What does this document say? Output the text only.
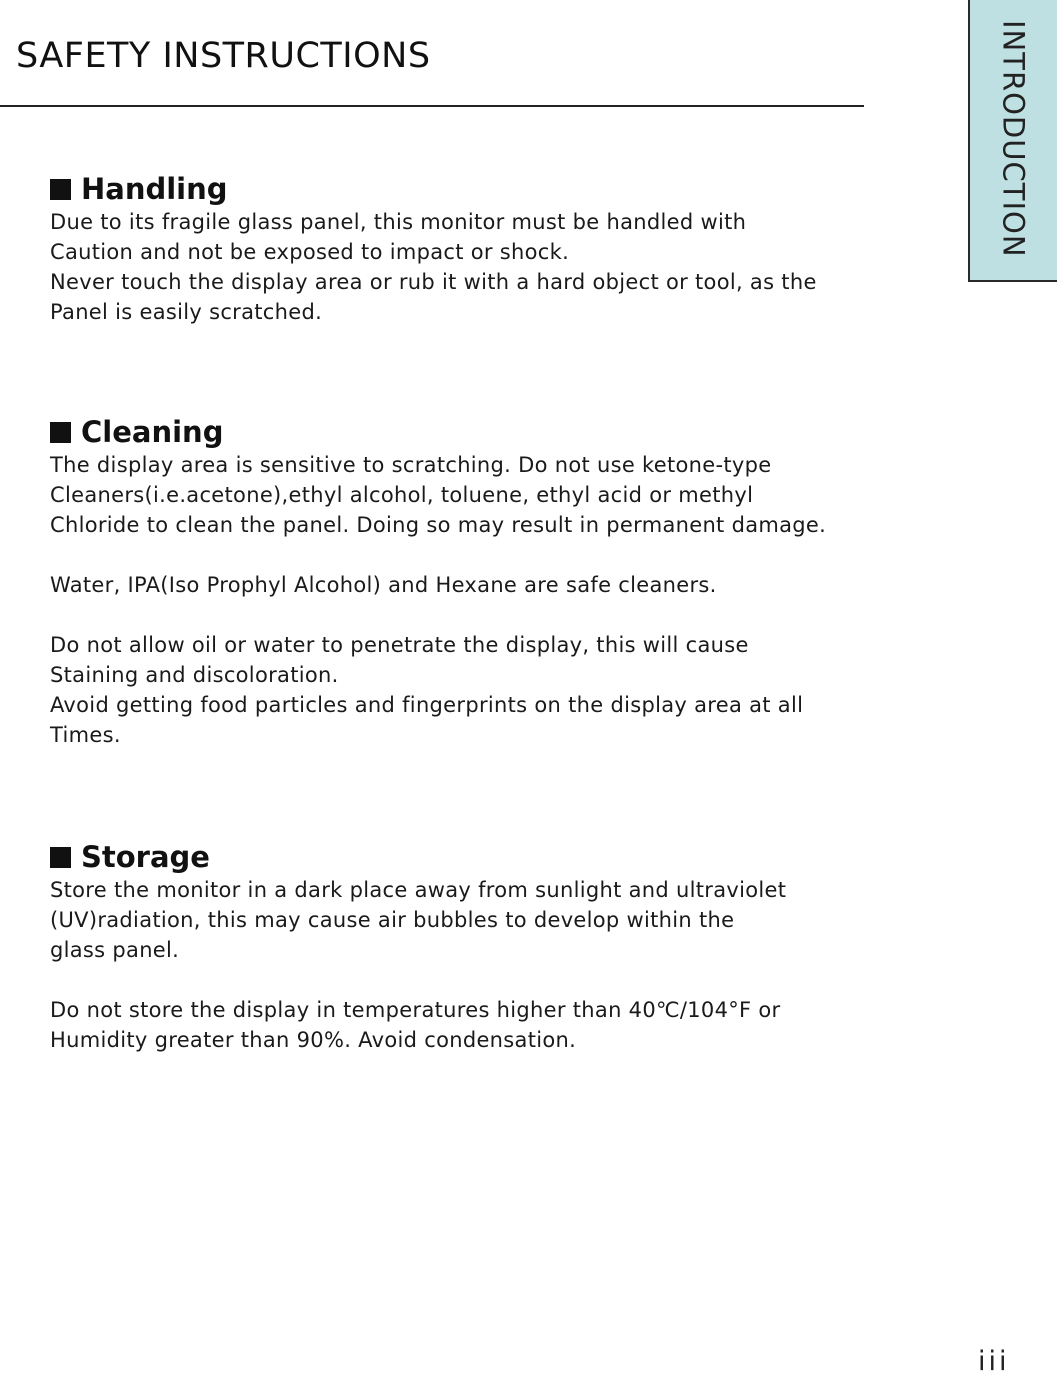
SAFETY INSTRUCTIONS	INTRODUCTION
Handling

Due to its fragile glass panel, this monitor must be handled with

Caution and not be exposed to impact or shock.

Never touch the display area or rub it with a hard object or tool, as the

Panel is easily scratched.

Cleaning

The display area is sensitive to scratching. Do not use ketone-type

Cleaners(i.e.acetone),ethyl alcohol, toluene, ethyl acid or methyl

Chloride to clean the panel. Doing so may result in permanent damage.

Water, IPA(Iso Prophyl Alcohol) and Hexane are safe cleaners.

Do not allow oil or water to penetrate the display, this will cause

Staining and discoloration.

Avoid getting food particles and fingerprints on the display area at all

Times.

Storage

Store the monitor in a dark place away from sunlight and ultraviolet

(UV)radiation, this may cause air bubbles to develop within the

glass panel.

Do not store the display in temperatures higher than 40℃/104°F or

Humidity greater than 90%. Avoid condensation.

iii
